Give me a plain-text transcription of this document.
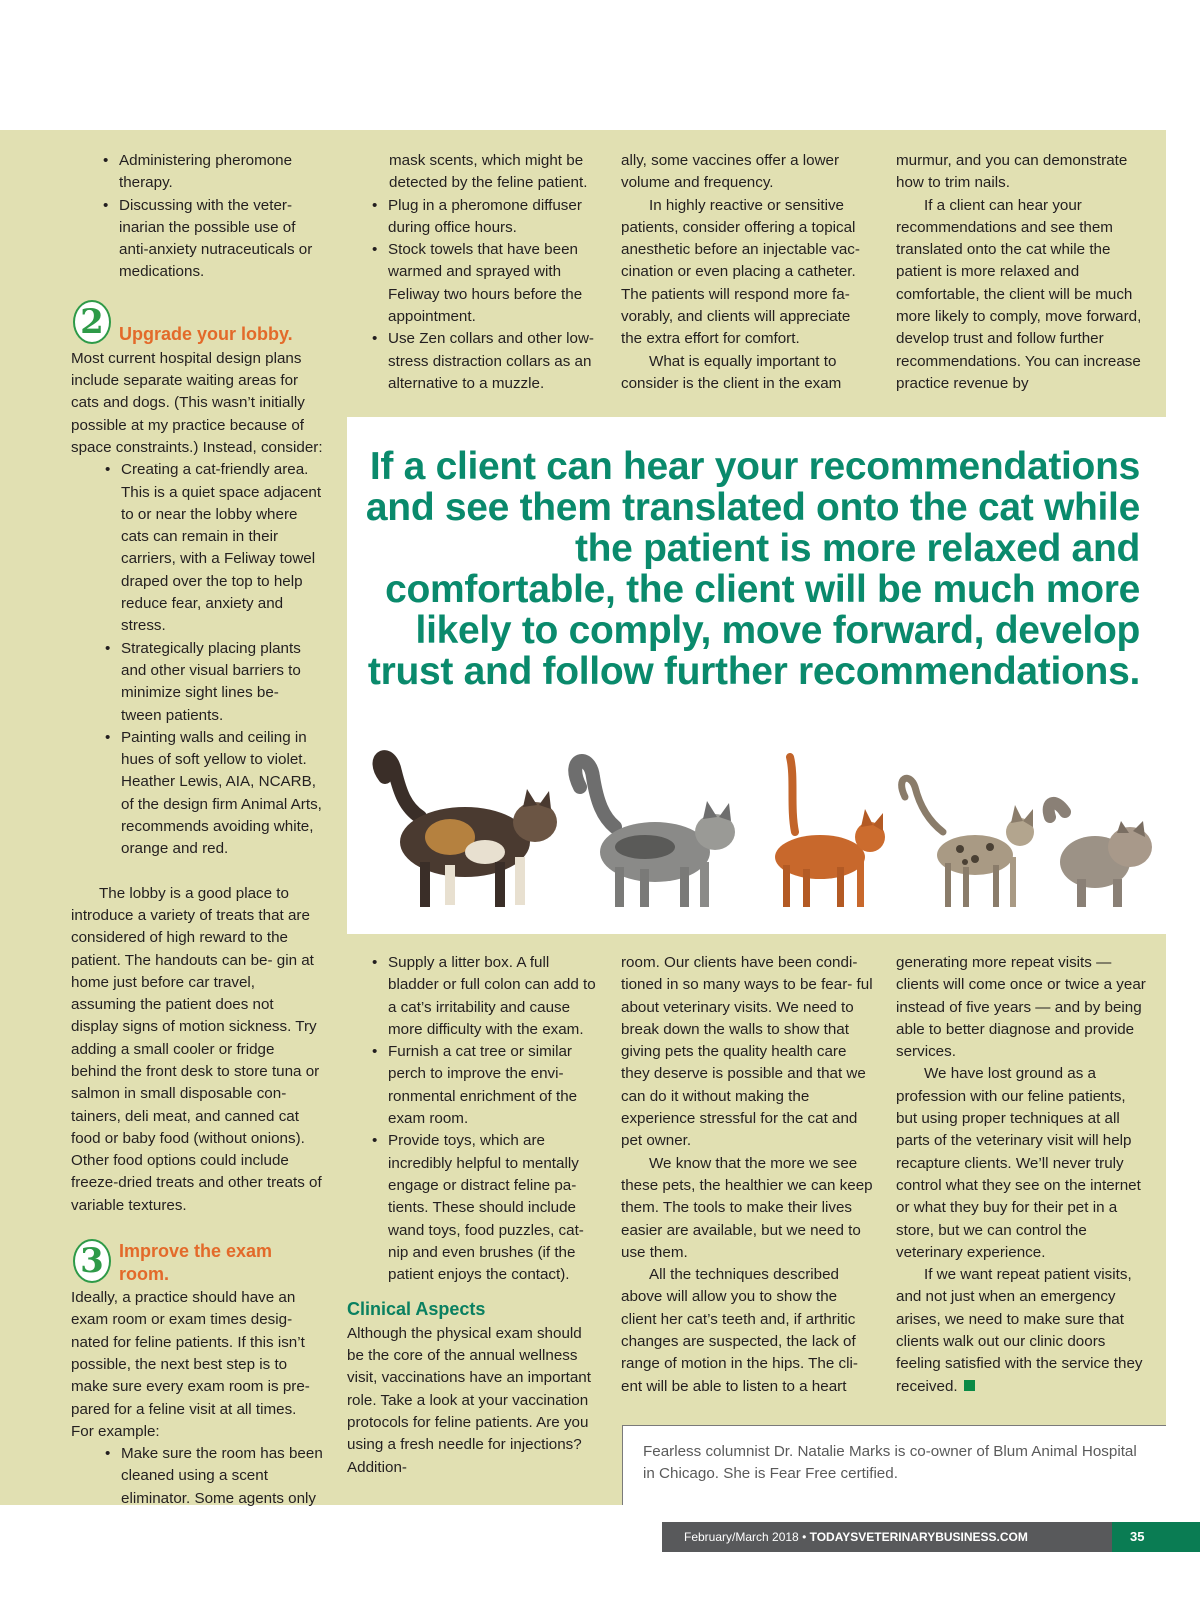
• Administering pheromone therapy.
• Discussing with the veter- inarian the possible use of anti-anxiety nutraceuticals or medications.
2 Upgrade your lobby.

Most current hospital design plans include separate waiting areas for cats and dogs. (This wasn’t initially possible at my practice because of space constraints.) Instead, consider:

• Creating a cat-friendly area. This is a quiet space adjacent to or near the lobby where cats can remain in their carriers, with a Feliway towel draped over the top to help reduce fear, anxiety and stress.
• Strategically placing plants and other visual barriers to minimize sight lines be- tween patients.
• Painting walls and ceiling in hues of soft yellow to violet. Heather Lewis, AIA, NCARB, of the design firm Animal Arts, recommends avoiding white, orange and red.

The lobby is a good place to introduce a variety of treats that are considered of high reward to the patient. The handouts can be- gin at home just before car travel, assuming the patient does not display signs of motion sickness. Try adding a small cooler or fridge behind the front desk to store tuna or salmon in small disposable con- tainers, deli meat, and canned cat food or baby food (without onions). Other food options could include freeze-dried treats and other treats of variable textures.

3 Improve the exam room.

Ideally, a practice should have an exam room or exam times desig- nated for feline patients. If this isn’t possible, the next best step is to make sure every exam room is pre- pared for a feline visit at all times. For example:

• Make sure the room has been cleaned using a scent eliminator. Some agents only

mask scents, which might be detected by the feline patient.

• Plug in a pheromone diffuser during office hours.
• Stock towels that have been warmed and sprayed with Feliway two hours before the appointment.
• Use Zen collars and other low- stress distraction collars as an alternative to a muzzle.

ally, some vaccines offer a lower volume and frequency.

In highly reactive or sensitive patients, consider offering a topical anesthetic before an injectable vac- cination or even placing a catheter. The patients will respond more fa- vorably, and clients will appreciate the extra effort for comfort.

What is equally important to consider is the client in the exam

murmur, and you can demonstrate how to trim nails.

If a client can hear your recommendations and see them translated onto the cat while the patient is more relaxed and comfortable, the client will be much more likely to comply, move forward, develop trust and follow further recommendations. You can increase practice revenue by

If a client can hear your recommendations and see them translated onto the cat while the patient is more relaxed and comfortable, the client will be much more likely to comply, move forward, develop trust and follow further recommendations.
• Supply a litter box. A full bladder or full colon can add to a cat’s irritability and cause more difficulty with the exam.
• Furnish a cat tree or similar perch to improve the envi- ronmental enrichment of the exam room.
• Provide toys, which are incredibly helpful to mentally engage or distract feline pa- tients. These should include wand toys, food puzzles, cat- nip and even brushes (if the patient enjoys the contact).
Clinical Aspects

Although the physical exam should be the core of the annual wellness visit, vaccinations have an important role. Take a look at your vaccination protocols for feline patients. Are you using a fresh needle for injections? Addition-

room. Our clients have been condi- tioned in so many ways to be fear- ful about veterinary visits. We need to break down the walls to show that giving pets the quality health care they deserve is possible and that we can do it without making the experience stressful for the cat and pet owner.

We know that the more we see these pets, the healthier we can keep them. The tools to make their lives easier are available, but we need to use them.

All the techniques described above will allow you to show the client her cat’s teeth and, if arthritic changes are suspected, the lack of range of motion in the hips. The cli- ent will be able to listen to a heart

generating more repeat visits — clients will come once or twice a year instead of five years — and by being able to better diagnose and provide services.

We have lost ground as a profession with our feline patients, but using proper techniques at all parts of the veterinary visit will help recapture clients. We’ll never truly control what they see on the internet or what they buy for their pet in a store, but we can control the veterinary experience.

If we want repeat patient visits, and not just when an emergency arises, we need to make sure that clients walk out our clinic doors feeling satisfied with the service they received.

Fearless columnist Dr. Natalie Marks is co-owner of Blum Animal Hospital in Chicago. She is Fear Free certified.
February/March 2018 • TODAYSVETERINARYBUSINESS.COM	35
